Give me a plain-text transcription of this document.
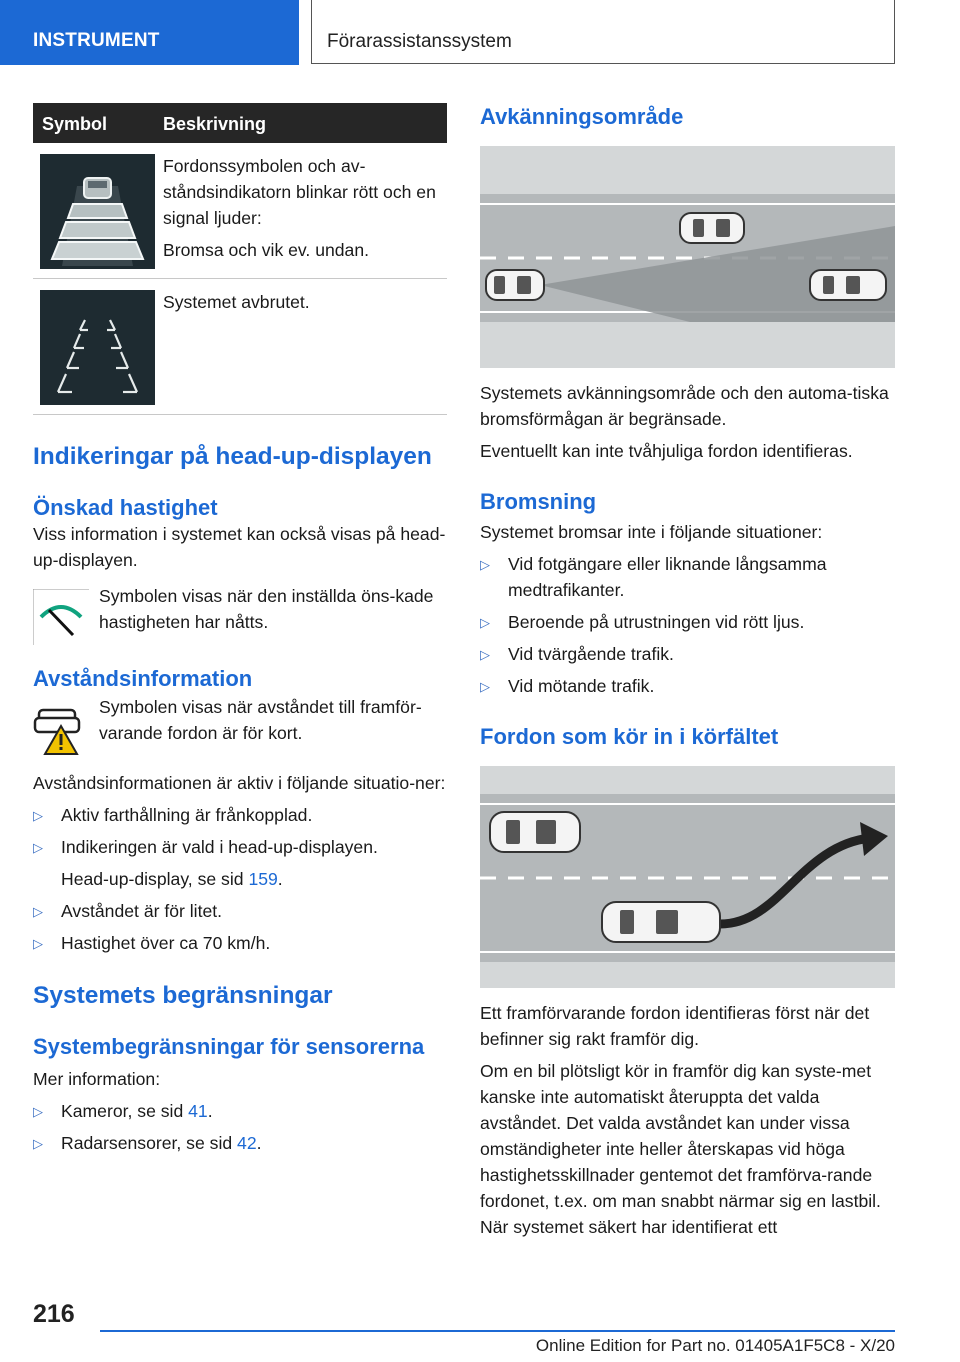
INSTRUMENT	Förarassistanssystem
Symbol	Beskrivning

Fordonssymbolen och av-ståndsindikatorn blinkar rött och en signal ljuder:

Bromsa och vik ev. undan.

Systemet avbrutet.

Indikeringar på head-up-displayen
Önskad hastighet

Viss information i systemet kan också visas på head-up-displayen.

Symbolen visas när den inställda öns-kade hastigheten har nåtts.

Avståndsinformation

Symbolen visas när avståndet till framför-varande fordon är för kort.

Avståndsinformationen är aktiv i följande situatio-ner:

▷ Aktiv farthållning är frånkopplad.
▷ Indikeringen är vald i head-up-displayen.
Head-up-display, se sid 159.
▷ Avståndet är för litet.
▷ Hastighet över ca 70 km/h.
Systemets begränsningar
Systembegränsningar för sensorerna

Mer information:

▷ Kameror, se sid 41.
▷ Radarsensorer, se sid 42.
Avkänningsområde

Systemets avkänningsområde och den automa-tiska bromsförmågan är begränsade.

Eventuellt kan inte tvåhjuliga fordon identifieras.

Bromsning

Systemet bromsar inte i följande situationer:

▷ Vid fotgängare eller liknande långsamma medtrafikanter.
▷ Beroende på utrustningen vid rött ljus.
▷ Vid tvärgående trafik.
▷ Vid mötande trafik.
Fordon som kör in i körfältet

Ett framförvarande fordon identifieras först när det befinner sig rakt framför dig.

Om en bil plötsligt kör in framför dig kan syste-met kanske inte automatiskt återuppta det valda avståndet. Det valda avståndet kan under vissa omständigheter inte heller återskapas vid höga hastighetsskillnader gentemot det framförva-rande fordonet, t.ex. om man snabbt närmar sig en lastbil. När systemet säkert har identifierat ett

216
Online Edition for Part no. 01405A1F5C8 - X/20
